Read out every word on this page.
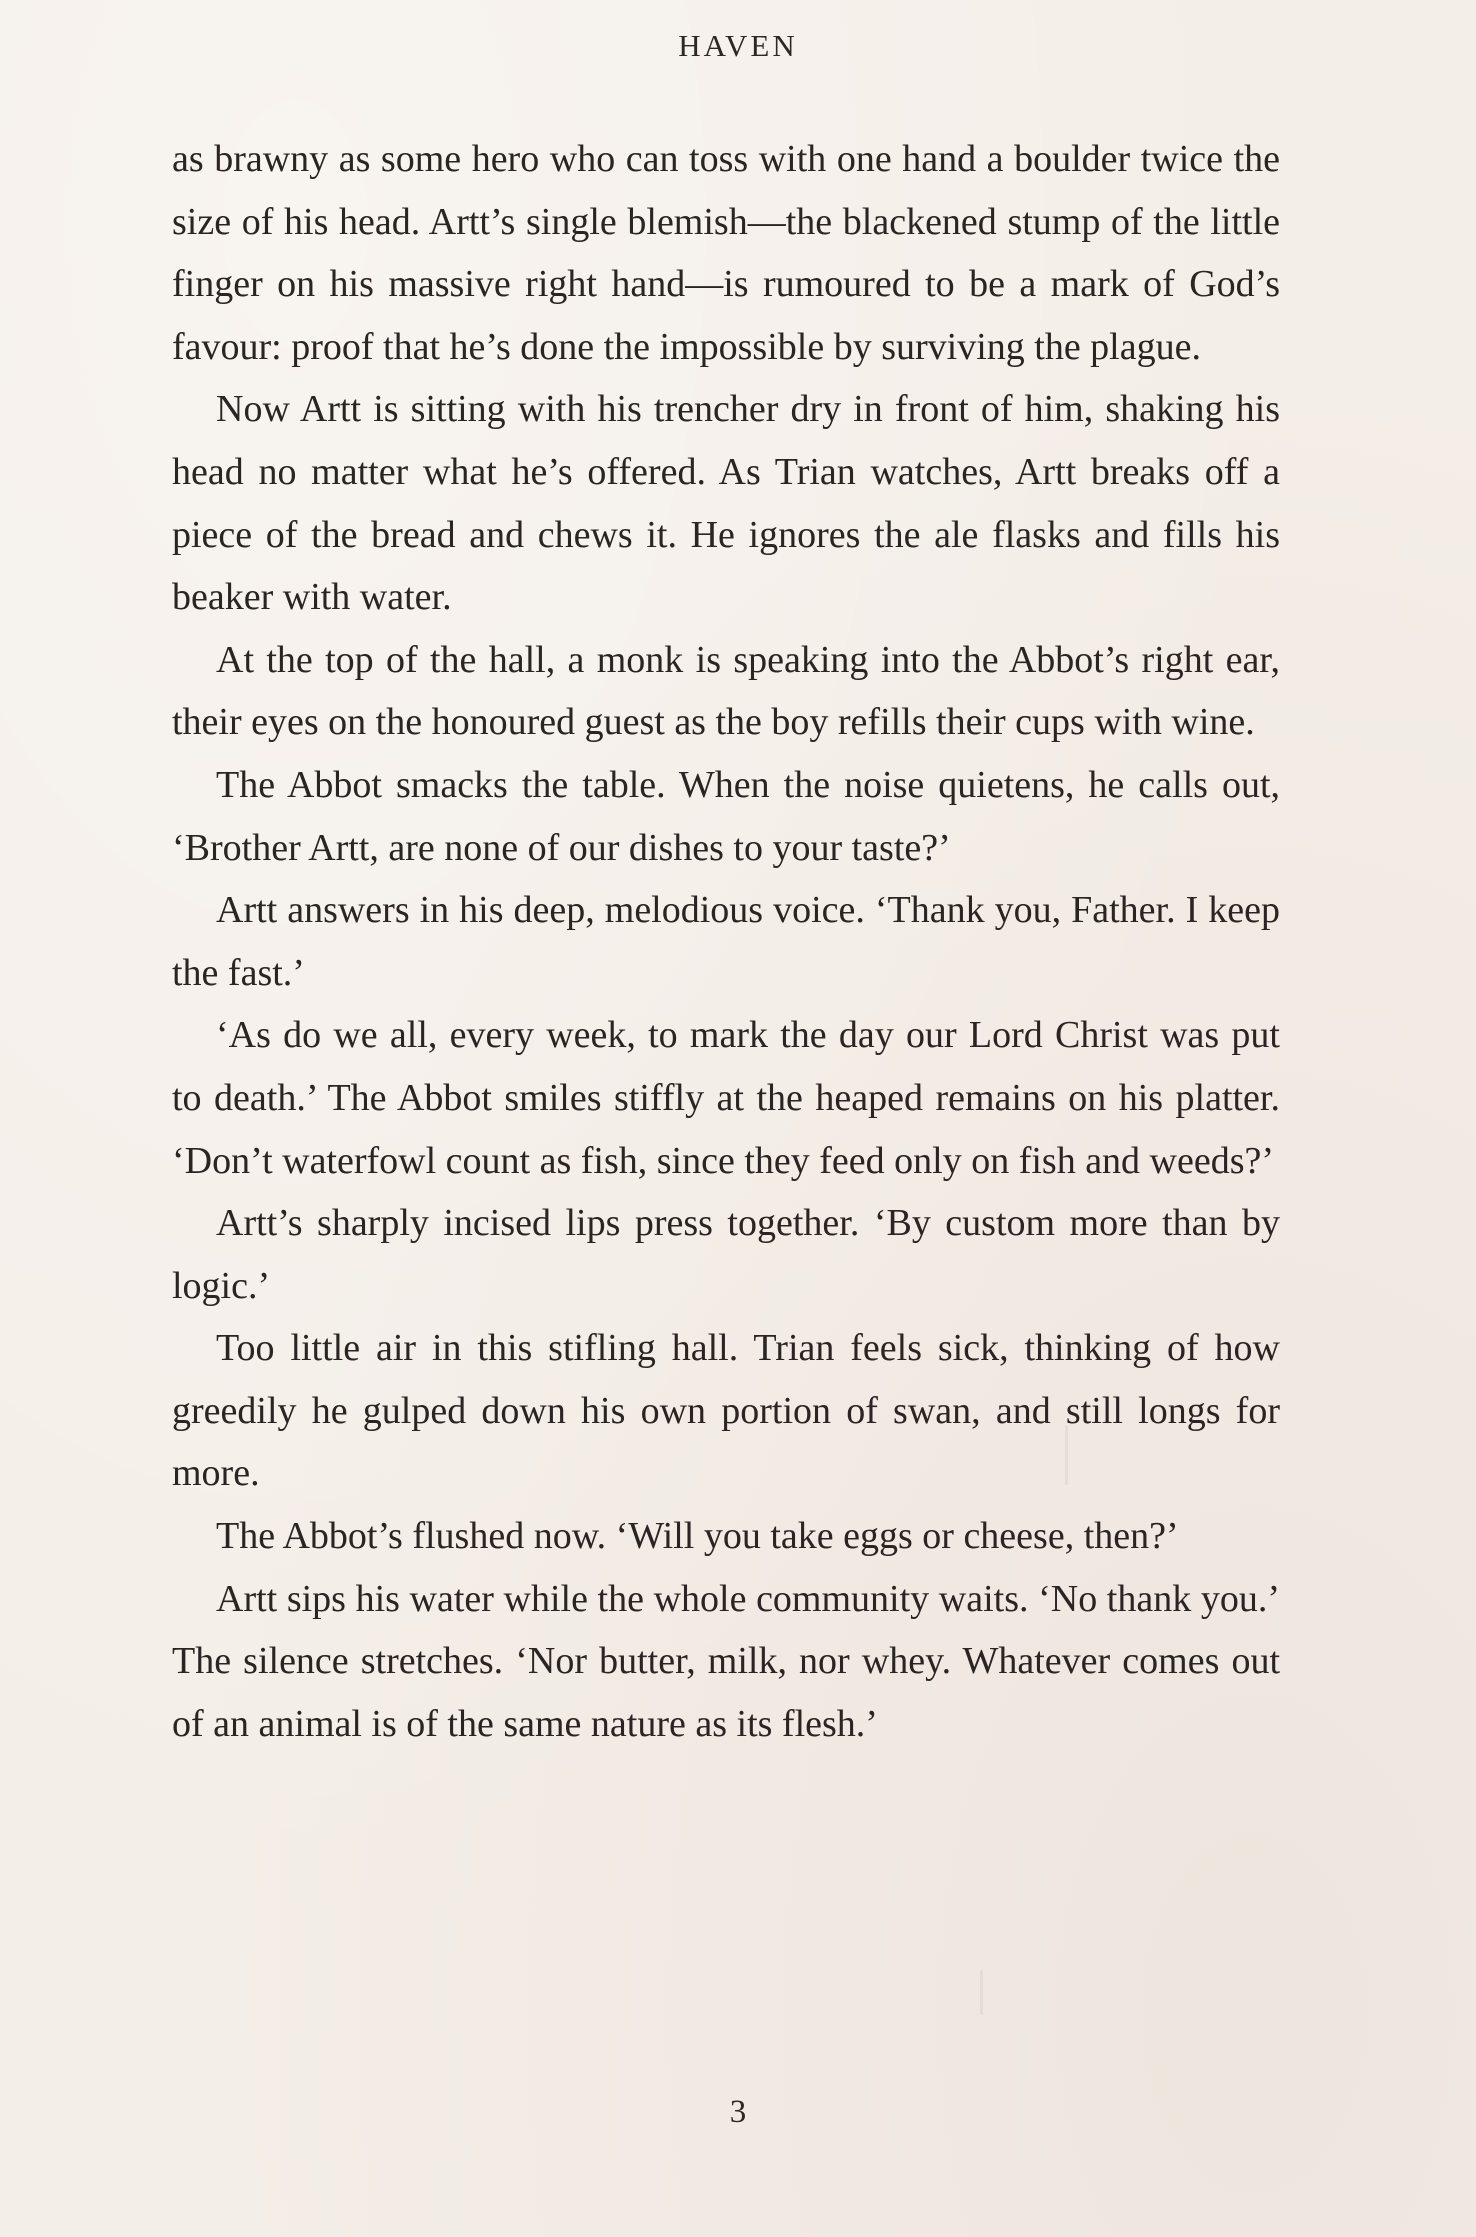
HAVEN

as brawny as some hero who can toss with one hand a boulder twice the size of his head. Artt’s single blemish—the blackened stump of the little finger on his massive right hand—is rumoured to be a mark of God’s favour: proof that he’s done the impossible by surviving the plague.

Now Artt is sitting with his trencher dry in front of him, shaking his head no matter what he’s offered. As Trian watches, Artt breaks off a piece of the bread and chews it. He ignores the ale flasks and fills his beaker with water.

At the top of the hall, a monk is speaking into the Abbot’s right ear, their eyes on the honoured guest as the boy refills their cups with wine.

The Abbot smacks the table. When the noise quietens, he calls out, ‘Brother Artt, are none of our dishes to your taste?’

Artt answers in his deep, melodious voice. ‘Thank you, Father. I keep the fast.’

‘As do we all, every week, to mark the day our Lord Christ was put to death.’ The Abbot smiles stiffly at the heaped remains on his platter. ‘Don’t waterfowl count as fish, since they feed only on fish and weeds?’

Artt’s sharply incised lips press together. ‘By custom more than by logic.’

Too little air in this stifling hall. Trian feels sick, thinking of how greedily he gulped down his own portion of swan, and still longs for more.

The Abbot’s flushed now. ‘Will you take eggs or cheese, then?’

Artt sips his water while the whole community waits. ‘No thank you.’ The silence stretches. ‘Nor butter, milk, nor whey. Whatever comes out of an animal is of the same nature as its flesh.’

3
